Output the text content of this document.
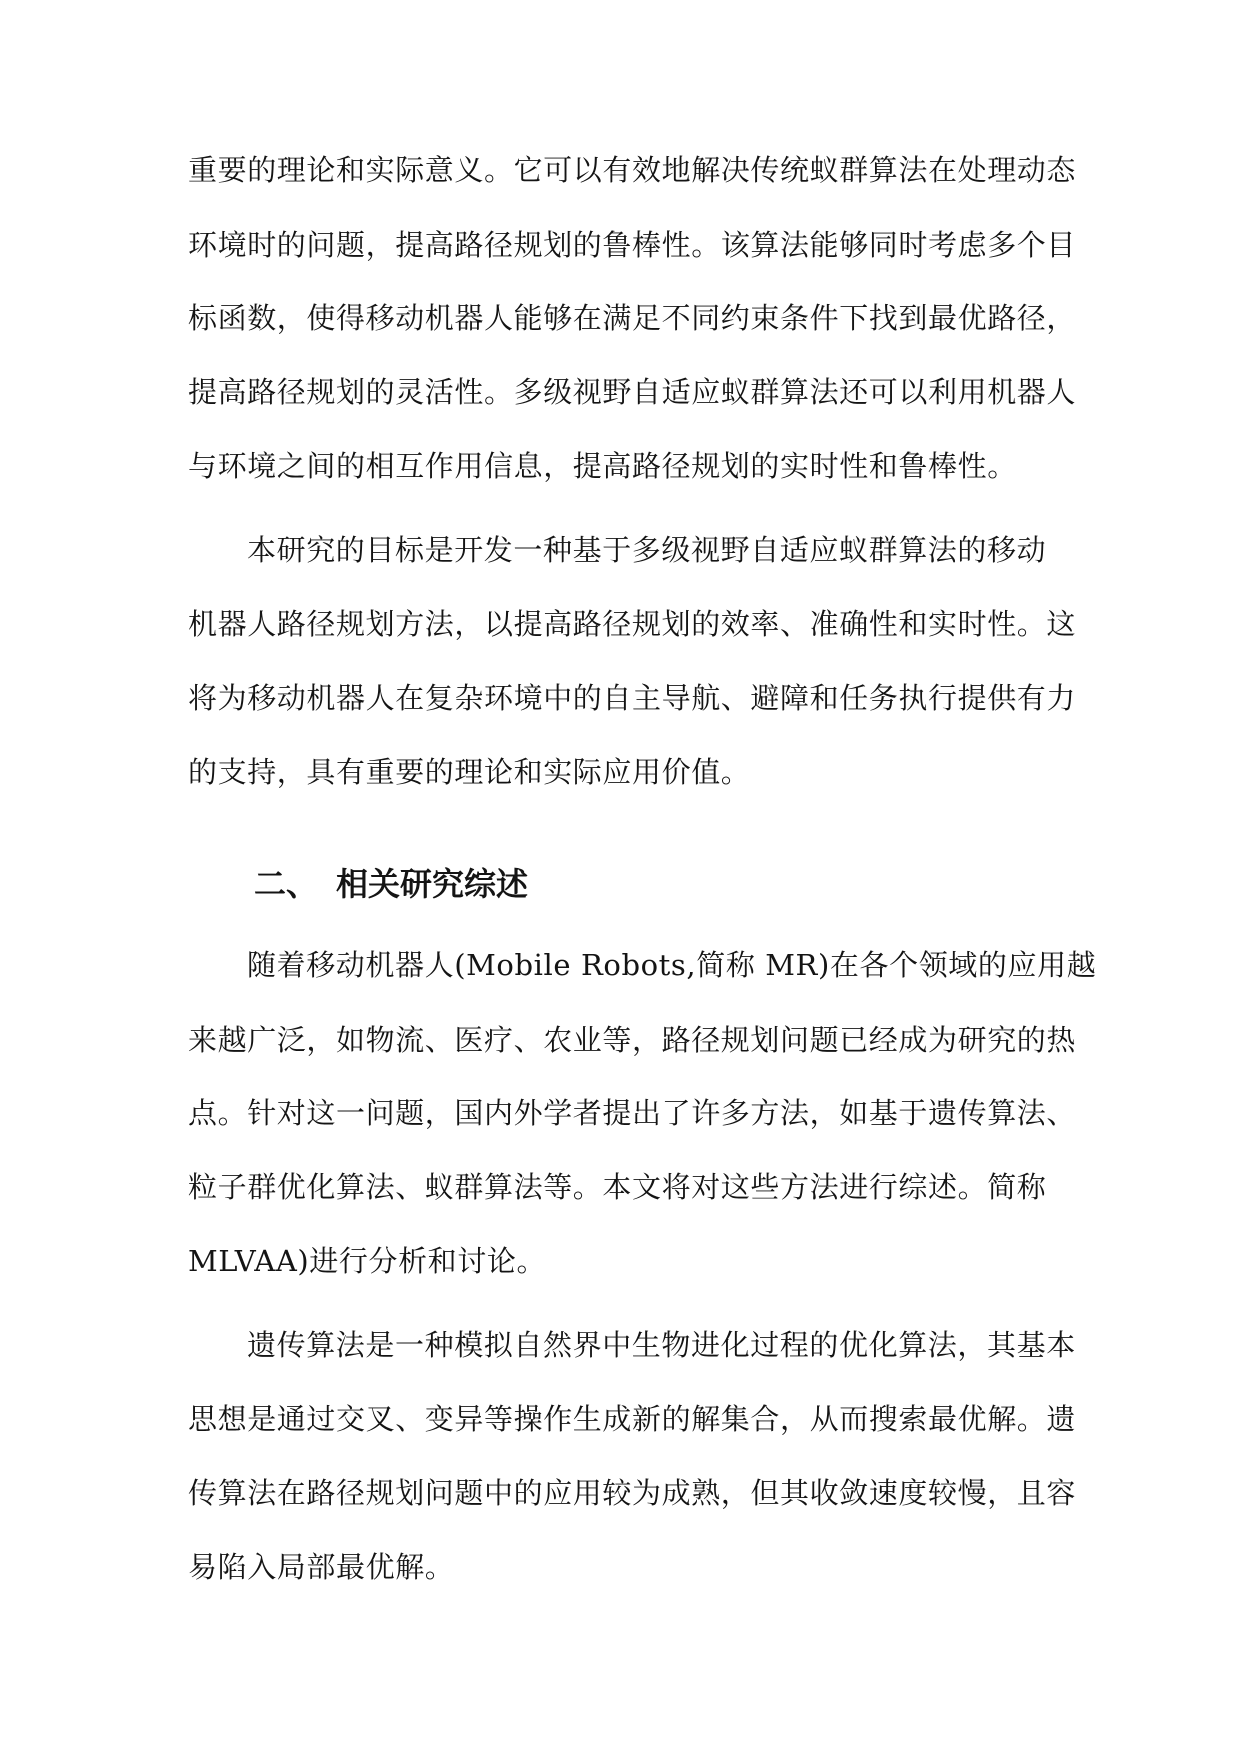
重要的理论和实际意义。它可以有效地解决传统蚁群算法在处理动态
环境时的问题，提高路径规划的鲁棒性。该算法能够同时考虑多个目
标函数，使得移动机器人能够在满足不同约束条件下找到最优路径，
提高路径规划的灵活性。多级视野自适应蚁群算法还可以利用机器人
与环境之间的相互作用信息，提高路径规划的实时性和鲁棒性。
本研究的目标是开发一种基于多级视野自适应蚁群算法的移动
机器人路径规划方法，以提高路径规划的效率、准确性和实时性。这
将为移动机器人在复杂环境中的自主导航、避障和任务执行提供有力
的支持，具有重要的理论和实际应用价值。
二、 相关研究综述
随着移动机器人(Mobile Robots,简称 MR)在各个领域的应用越
来越广泛，如物流、医疗、农业等，路径规划问题已经成为研究的热
点。针对这一问题，国内外学者提出了许多方法，如基于遗传算法、
粒子群优化算法、蚁群算法等。本文将对这些方法进行综述。简称
MLVAA)进行分析和讨论。
遗传算法是一种模拟自然界中生物进化过程的优化算法，其基本
思想是通过交叉、变异等操作生成新的解集合，从而搜索最优解。遗
传算法在路径规划问题中的应用较为成熟，但其收敛速度较慢，且容
易陷入局部最优解。
